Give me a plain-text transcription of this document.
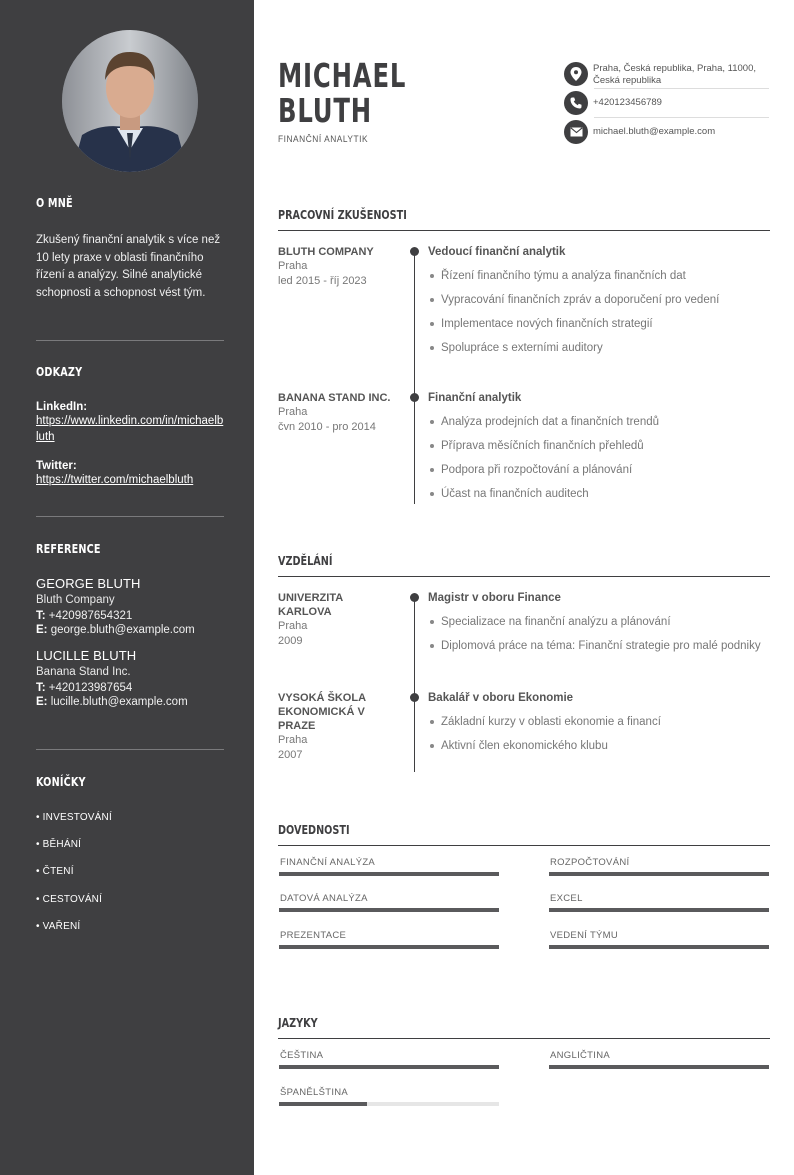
O MNĚ
Zkušený finanční analytik s více než 10 lety praxe v oblasti finančního řízení a analýzy. Silné analytické schopnosti a schopnost vést tým.
ODKAZY
LinkedIn:
https://www.linkedin.com/in/michaelbluth
Twitter:
https://twitter.com/michaelbluth
REFERENCE
GEORGE BLUTH
Bluth Company
T: +420987654321
E: george.bluth@example.com
LUCILLE BLUTH
Banana Stand Inc.
T: +420123987654
E: lucille.bluth@example.com
KONÍČKY
• INVESTOVÁNÍ
• BĚHÁNÍ
• ČTENÍ
• CESTOVÁNÍ
• VAŘENÍ
MICHAEL
BLUTH
FINANČNÍ ANALYTIK
Praha, Česká republika, Praha, 11000, Česká republika
+420123456789
michael.bluth@example.com
PRACOVNÍ ZKUŠENOSTI
BLUTH COMPANY
Praha
led 2015 - říj 2023
Vedoucí finanční analytik
Řízení finančního týmu a analýza finančních dat
Vypracování finančních zpráv a doporučení pro vedení
Implementace nových finančních strategií
Spolupráce s externími auditory
BANANA STAND INC.
Praha
čvn 2010 - pro 2014
Finanční analytik
Analýza prodejních dat a finančních trendů
Příprava měsíčních finančních přehledů
Podpora při rozpočtování a plánování
Účast na finančních auditech
VZDĚLÁNÍ
UNIVERZITA
KARLOVA
Praha
2009
Magistr v oboru Finance
Specializace na finanční analýzu a plánování
Diplomová práce na téma: Finanční strategie pro malé podniky
VYSOKÁ ŠKOLA
EKONOMICKÁ V
PRAZE
Praha
2007
Bakalář v oboru Ekonomie
Základní kurzy v oblasti ekonomie a financí
Aktivní člen ekonomického klubu
DOVEDNOSTI
FINANČNÍ ANALÝZA	ROZPOČTOVÁNÍ
DATOVÁ ANALÝZA	EXCEL
PREZENTACE	VEDENÍ TÝMU
JAZYKY
ČEŠTINA	ANGLIČTINA
ŠPANĚLŠTINA
